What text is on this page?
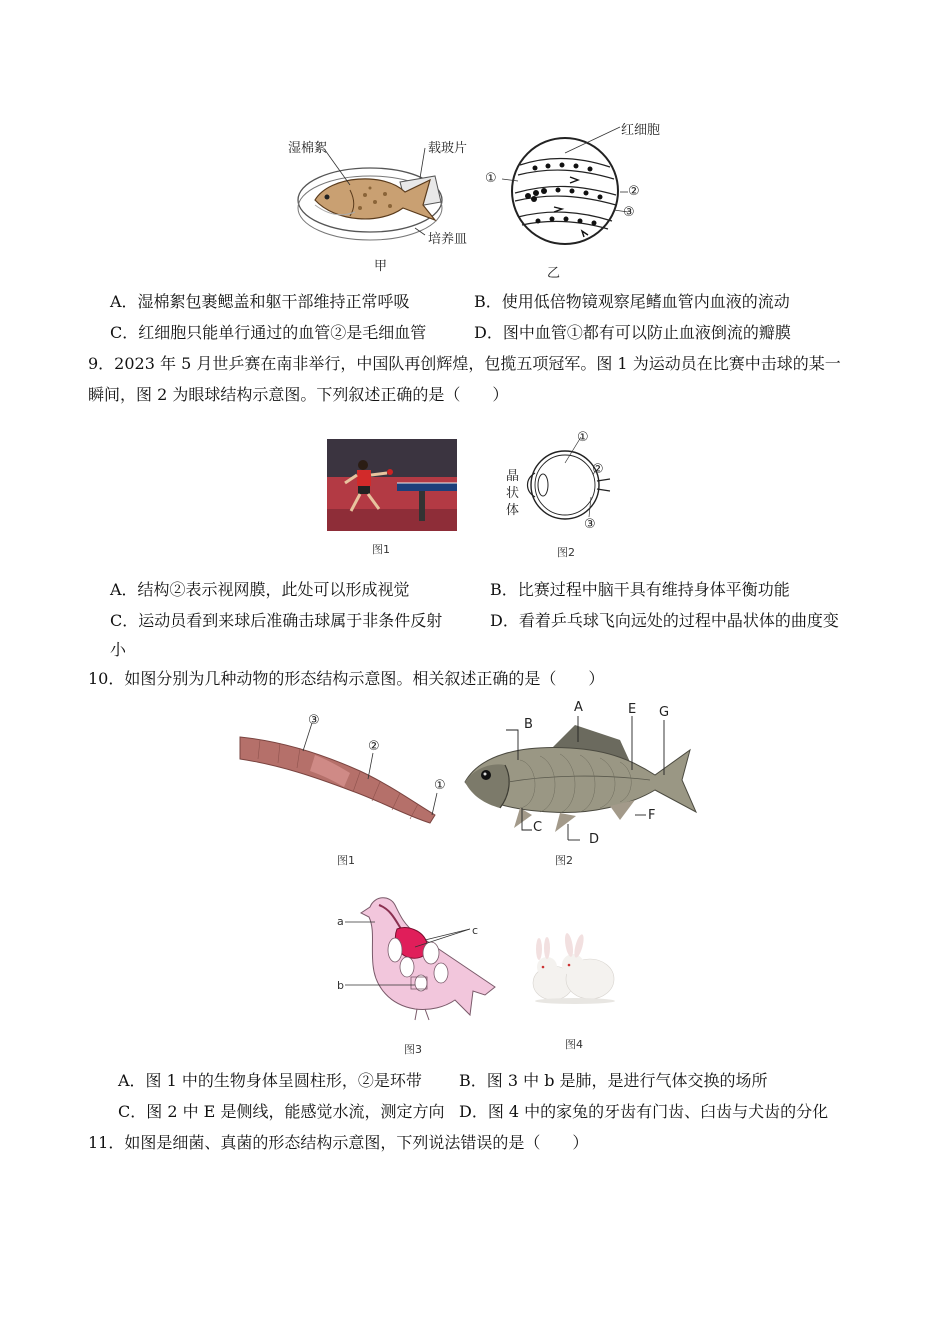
湿棉絮	载玻片
培养皿
甲
红细胞
①
②
③
乙
A．湿棉絮包裹鳃盖和躯干部维持正常呼吸	B．使用低倍物镜观察尾鳍血管内血液的流动
C．红细胞只能单行通过的血管②是毛细血管	D．图中血管①都有可以防止血液倒流的瓣膜
9．2023 年 5 月世乒赛在南非举行，中国队再创辉煌，包揽五项冠军。图 1 为运动员在比赛中击球的某一
瞬间，图 2 为眼球结构示意图。下列叙述正确的是（　　）
图1
晶
状
体
①
②
③
图2
A．结构②表示视网膜，此处可以形成视觉	B．比赛过程中脑干具有维持身体平衡功能
C．运动员看到来球后准确击球属于非条件反射	D．看着乒乓球飞向远处的过程中晶状体的曲度变
小
10．如图分别为几种动物的形态结构示意图。相关叙述正确的是（　　）
③
②
①
图1
B
A	E G
C
D
F
图2
a
b
c
图3	图4
A．图 1 中的生物身体呈圆柱形，②是环带 B．图 3 中 b 是肺，是进行气体交换的场所
C．图 2 中 E 是侧线，能感觉水流，测定方向 D．图 4 中的家兔的牙齿有门齿、臼齿与犬齿的分化
11．如图是细菌、真菌的形态结构示意图，下列说法错误的是（　　）
